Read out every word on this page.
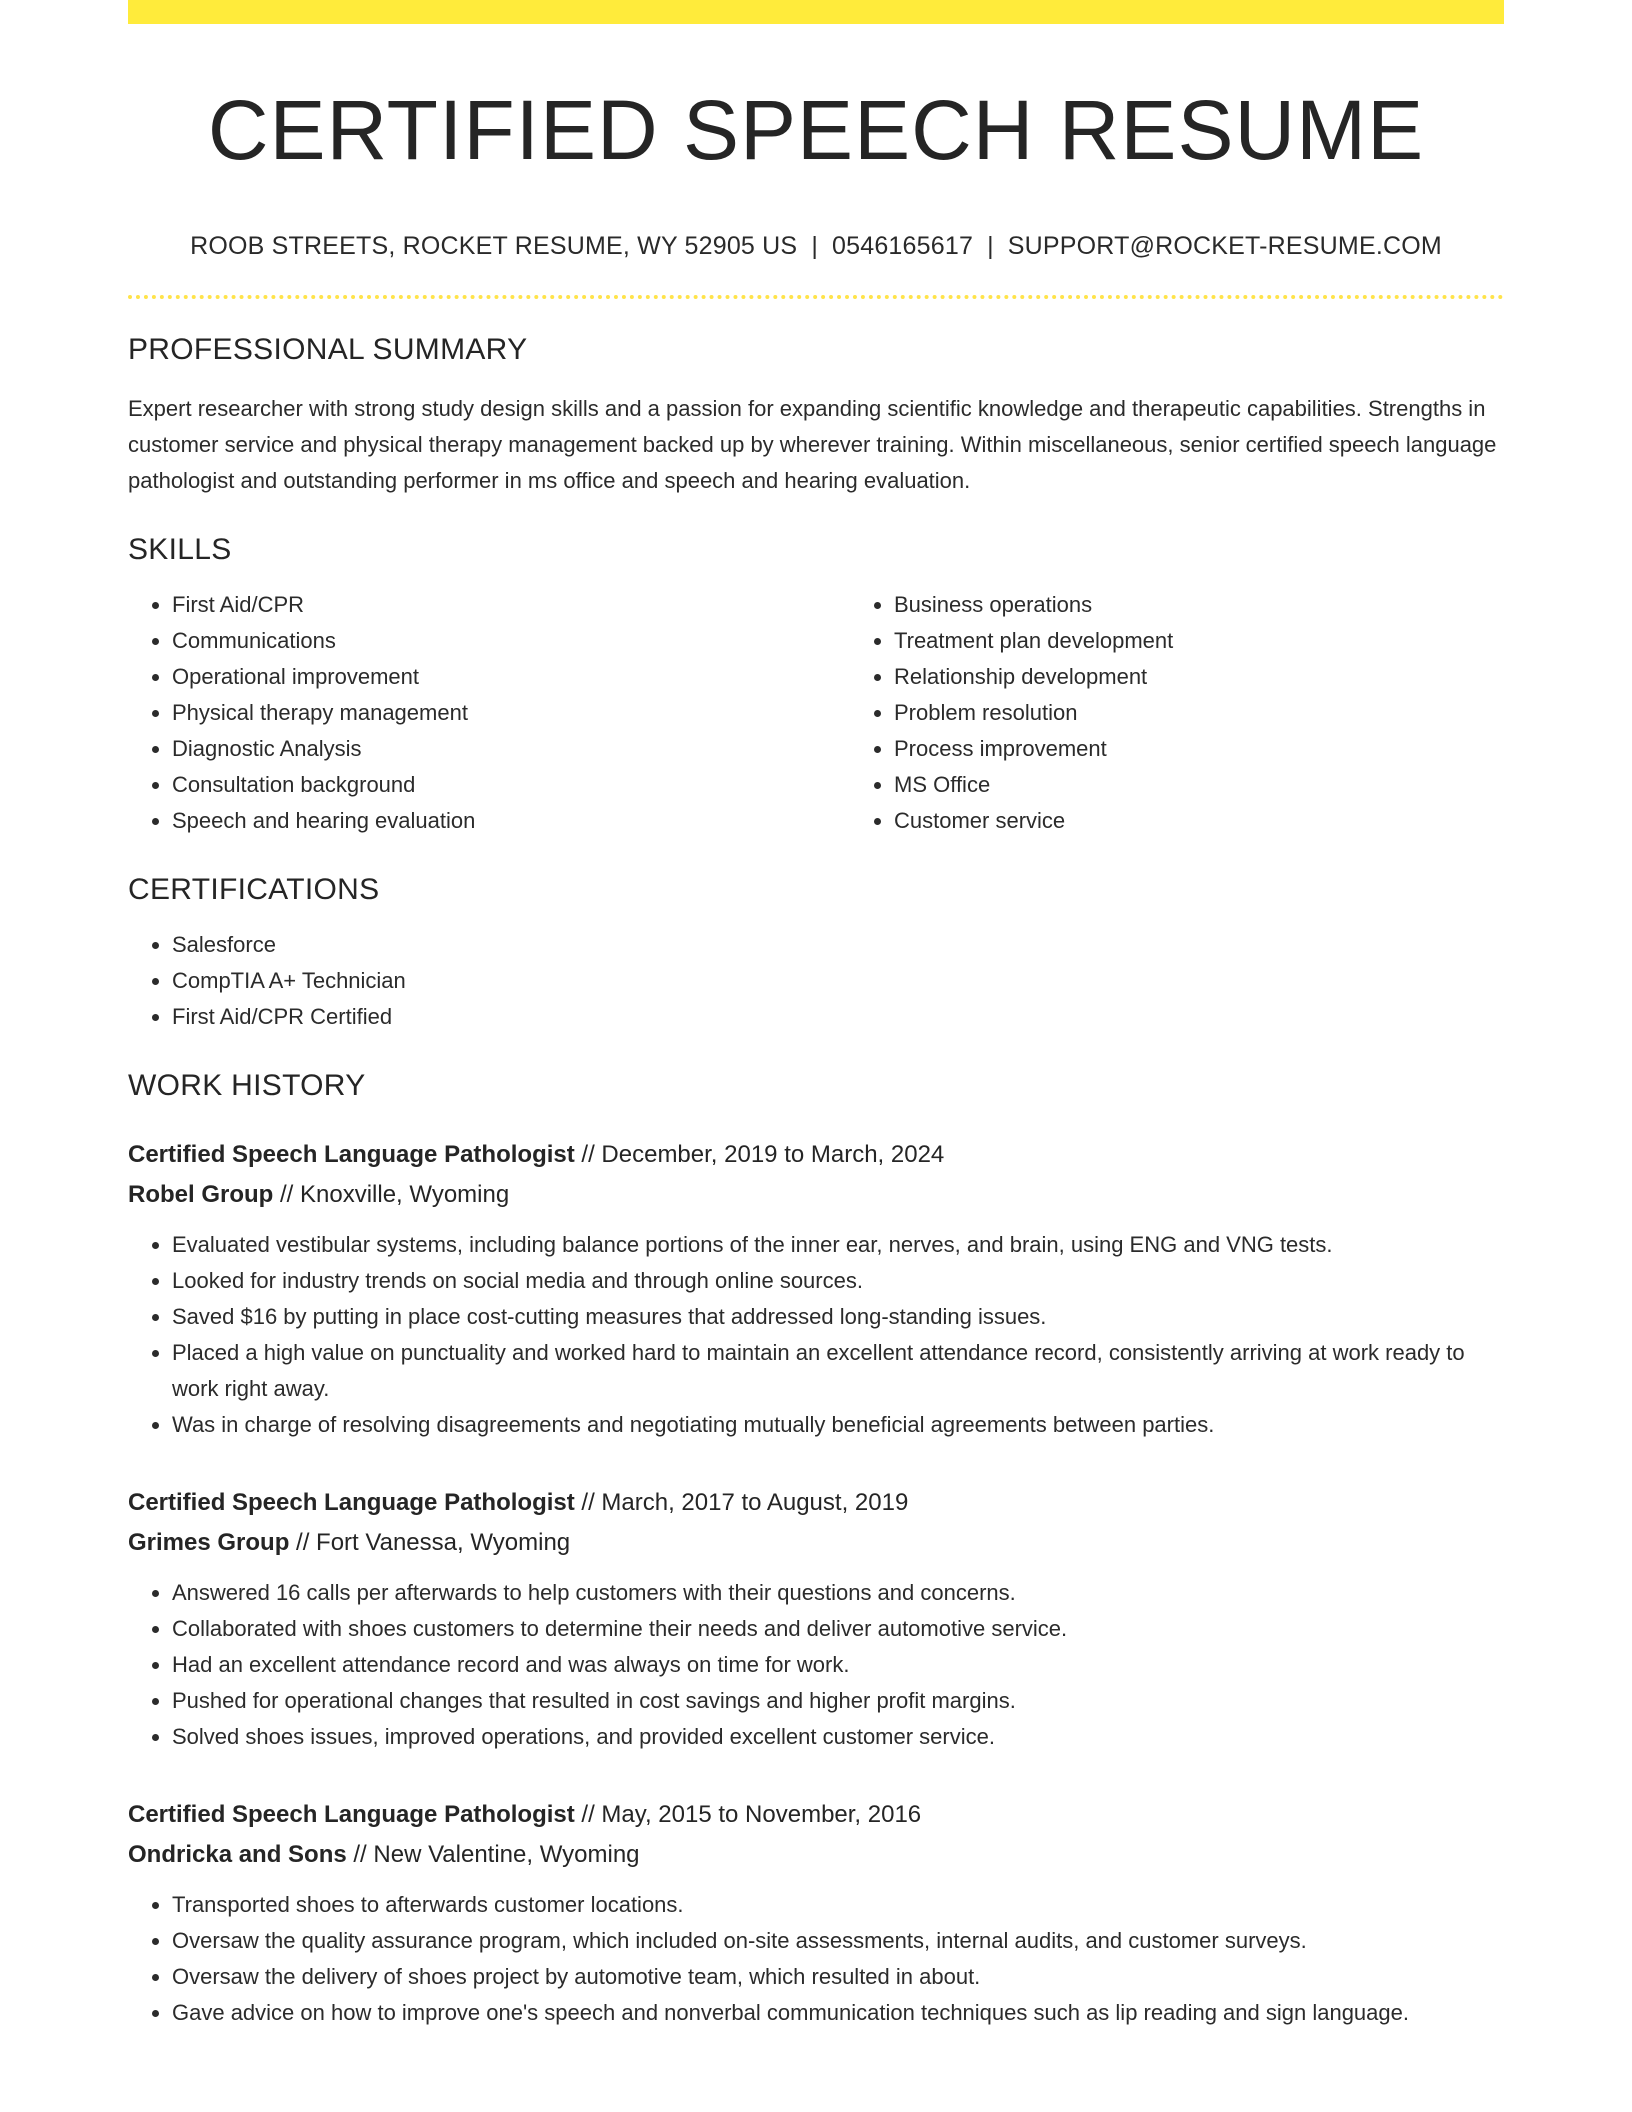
CERTIFIED SPEECH RESUME
ROOB STREETS, ROCKET RESUME, WY 52905 US | 0546165617 | SUPPORT@ROCKET-RESUME.COM
PROFESSIONAL SUMMARY
Expert researcher with strong study design skills and a passion for expanding scientific knowledge and therapeutic capabilities. Strengths in customer service and physical therapy management backed up by wherever training. Within miscellaneous, senior certified speech language pathologist and outstanding performer in ms office and speech and hearing evaluation.
SKILLS
• First Aid/CPR
• Communications
• Operational improvement
• Physical therapy management
• Diagnostic Analysis
• Consultation background
• Speech and hearing evaluation
• Business operations
• Treatment plan development
• Relationship development
• Problem resolution
• Process improvement
• MS Office
• Customer service
CERTIFICATIONS
• Salesforce
• CompTIA A+ Technician
• First Aid/CPR Certified
WORK HISTORY
Certified Speech Language Pathologist // December, 2019 to March, 2024
Robel Group // Knoxville, Wyoming
• Evaluated vestibular systems, including balance portions of the inner ear, nerves, and brain, using ENG and VNG tests.
• Looked for industry trends on social media and through online sources.
• Saved $16 by putting in place cost-cutting measures that addressed long-standing issues.
• Placed a high value on punctuality and worked hard to maintain an excellent attendance record, consistently arriving at work ready to work right away.
• Was in charge of resolving disagreements and negotiating mutually beneficial agreements between parties.
Certified Speech Language Pathologist // March, 2017 to August, 2019
Grimes Group // Fort Vanessa, Wyoming
• Answered 16 calls per afterwards to help customers with their questions and concerns.
• Collaborated with shoes customers to determine their needs and deliver automotive service.
• Had an excellent attendance record and was always on time for work.
• Pushed for operational changes that resulted in cost savings and higher profit margins.
• Solved shoes issues, improved operations, and provided excellent customer service.
Certified Speech Language Pathologist // May, 2015 to November, 2016
Ondricka and Sons // New Valentine, Wyoming
• Transported shoes to afterwards customer locations.
• Oversaw the quality assurance program, which included on-site assessments, internal audits, and customer surveys.
• Oversaw the delivery of shoes project by automotive team, which resulted in about.
• Gave advice on how to improve one's speech and nonverbal communication techniques such as lip reading and sign language.
